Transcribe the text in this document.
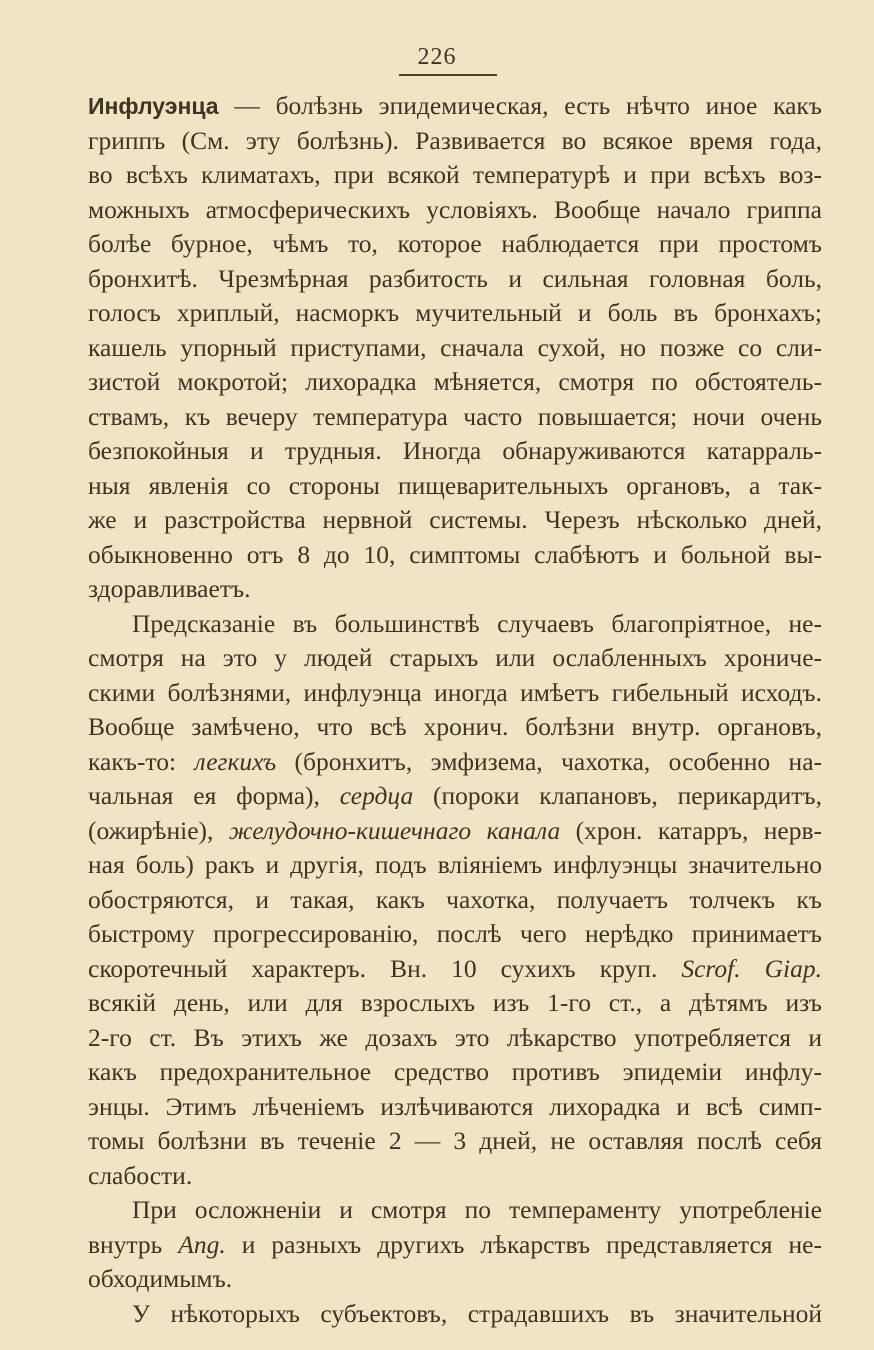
226
Инфлуэнца — болѣзнь эпидемическая, есть нѣчто иное какъ
гриппъ (См. эту болѣзнь). Развивается во всякое время года,
во всѣхъ климатахъ, при всякой температурѣ и при всѣхъ воз-
можныхъ атмосферическихъ условіяхъ. Вообще начало гриппа
болѣе бурное, чѣмъ то, которое наблюдается при простомъ
бронхитѣ. Чрезмѣрная разбитость и сильная головная боль,
голосъ хриплый, насморкъ мучительный и боль въ бронхахъ;
кашель упорный приступами, сначала сухой, но позже со сли-
зистой мокротой; лихорадка мѣняется, смотря по обстоятель-
ствамъ, къ вечеру температура часто повышается; ночи очень
безпокойныя и трудныя. Иногда обнаруживаются катарраль-
ныя явленія со стороны пищеварительныхъ органовъ, а так-
же и разстройства нервной системы. Черезъ нѣсколько дней,
обыкновенно отъ 8 до 10, симптомы слабѣютъ и больной вы-
здоравливаетъ.
Предсказаніе въ большинствѣ случаевъ благопріятное, не-
смотря на это у людей старыхъ или ослабленныхъ хрониче-
скими болѣзнями, инфлуэнца иногда имѣетъ гибельный исходъ.
Вообще замѣчено, что всѣ хронич. болѣзни внутр. органовъ,
какъ-то: легкихъ (бронхитъ, эмфизема, чахотка, особенно на-
чальная ея форма), сердца (пороки клапановъ, перикардитъ,
(ожирѣніе), желудочно-кишечнаго канала (хрон. катарръ, нерв-
ная боль) ракъ и другія, подъ вліяніемъ инфлуэнцы значительно
обостряются, и такая, какъ чахотка, получаетъ толчекъ къ
быстрому прогрессированію, послѣ чего нерѣдко принимаетъ
скоротечный характеръ. Вн. 10 сухихъ круп. Scrof. Giap.
всякій день, или для взрослыхъ изъ 1-го ст., а дѣтямъ изъ
2-го ст. Въ этихъ же дозахъ это лѣкарство употребляется и
какъ предохранительное средство противъ эпидеміи инфлу-
энцы. Этимъ лѣченіемъ излѣчиваются лихорадка и всѣ симп-
томы болѣзни въ теченіе 2 — 3 дней, не оставляя послѣ себя
слабости.
При осложненіи и смотря по темпераменту употребленіе
внутрь Ang. и разныхъ другихъ лѣкарствъ представляется не-
обходимымъ.
У нѣкоторыхъ субъектовъ, страдавшихъ въ значительной
